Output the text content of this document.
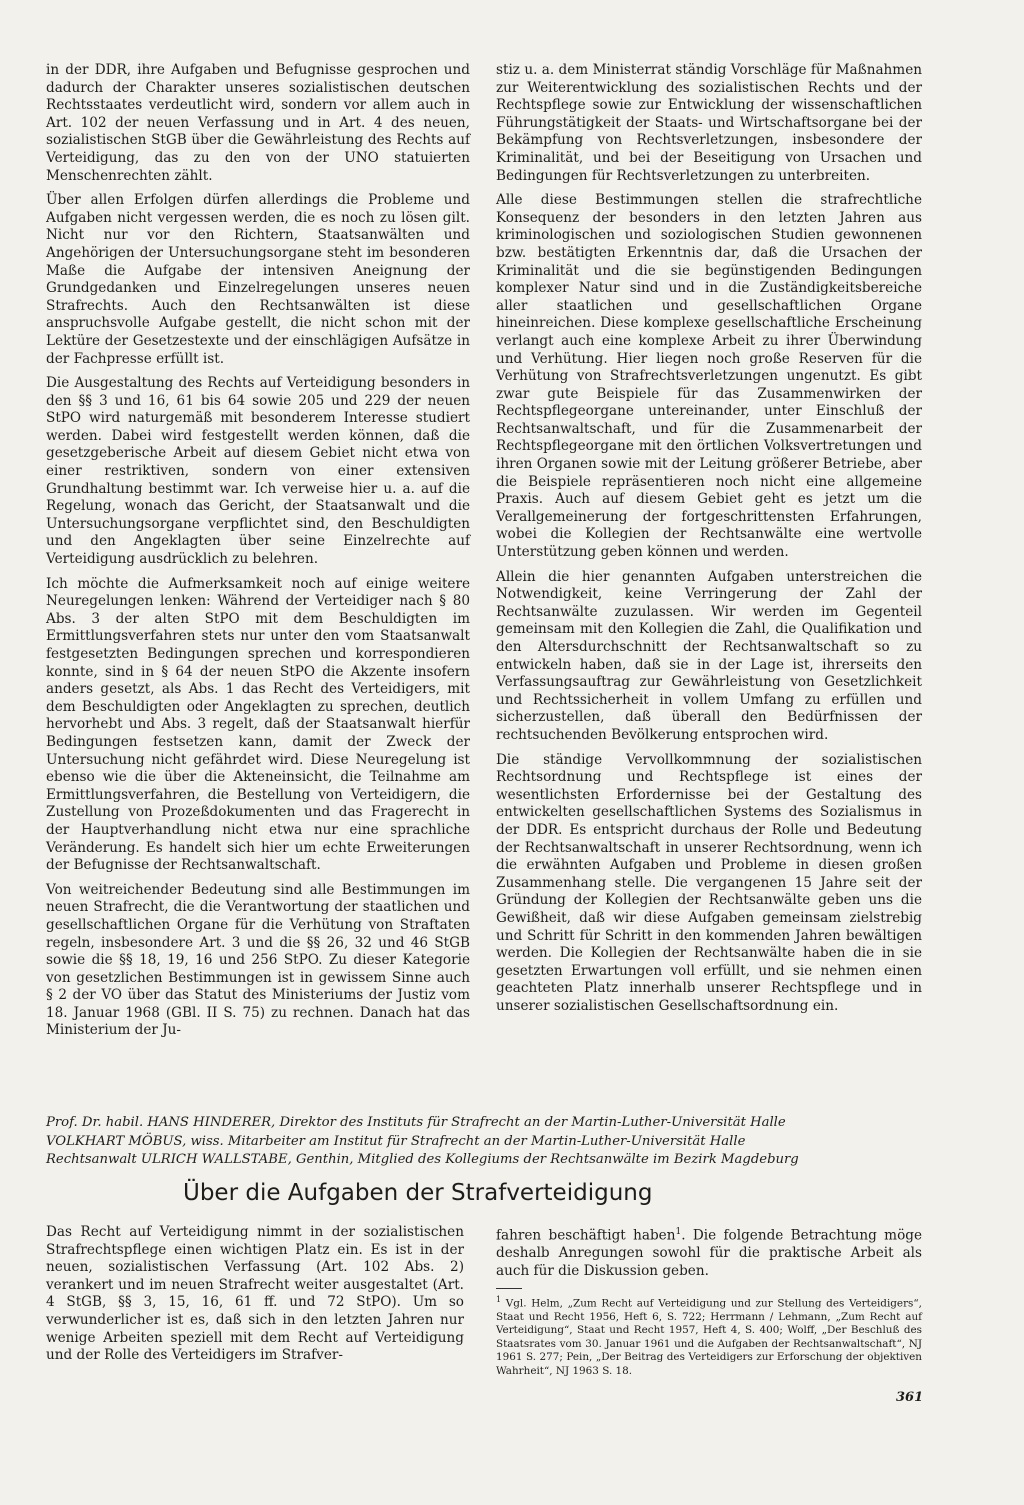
in der DDR, ihre Aufgaben und Befugnisse gesprochen und dadurch der Charakter unseres sozialistischen deutschen Rechtsstaates verdeutlicht wird, sondern vor allem auch in Art. 102 der neuen Verfassung und in Art. 4 des neuen, sozialistischen StGB über die Gewährleistung des Rechts auf Verteidigung, das zu den von der UNO statuierten Menschenrechten zählt.

Über allen Erfolgen dürfen allerdings die Probleme und Aufgaben nicht vergessen werden, die es noch zu lösen gilt. Nicht nur vor den Richtern, Staatsanwälten und Angehörigen der Untersuchungsorgane steht im besonderen Maße die Aufgabe der intensiven Aneignung der Grundgedanken und Einzelregelungen unseres neuen Strafrechts. Auch den Rechtsanwälten ist diese anspruchsvolle Aufgabe gestellt, die nicht schon mit der Lektüre der Gesetzestexte und der einschlägigen Aufsätze in der Fachpresse erfüllt ist.

Die Ausgestaltung des Rechts auf Verteidigung besonders in den §§ 3 und 16, 61 bis 64 sowie 205 und 229 der neuen StPO wird naturgemäß mit besonderem Interesse studiert werden. Dabei wird festgestellt werden können, daß die gesetzgeberische Arbeit auf diesem Gebiet nicht etwa von einer restriktiven, sondern von einer extensiven Grundhaltung bestimmt war. Ich verweise hier u. a. auf die Regelung, wonach das Gericht, der Staatsanwalt und die Untersuchungsorgane verpflichtet sind, den Beschuldigten und den Angeklagten über seine Einzelrechte auf Verteidigung ausdrücklich zu belehren.

Ich möchte die Aufmerksamkeit noch auf einige weitere Neuregelungen lenken: Während der Verteidiger nach § 80 Abs. 3 der alten StPO mit dem Beschuldigten im Ermittlungsverfahren stets nur unter den vom Staatsanwalt festgesetzten Bedingungen sprechen und korrespondieren konnte, sind in § 64 der neuen StPO die Akzente insofern anders gesetzt, als Abs. 1 das Recht des Verteidigers, mit dem Beschuldigten oder Angeklagten zu sprechen, deutlich hervorhebt und Abs. 3 regelt, daß der Staatsanwalt hierfür Bedingungen festsetzen kann, damit der Zweck der Untersuchung nicht gefährdet wird. Diese Neuregelung ist ebenso wie die über die Akteneinsicht, die Teilnahme am Ermittlungsverfahren, die Bestellung von Verteidigern, die Zustellung von Prozeßdokumenten und das Fragerecht in der Hauptverhandlung nicht etwa nur eine sprachliche Veränderung. Es handelt sich hier um echte Erweiterungen der Befugnisse der Rechtsanwaltschaft.

Von weitreichender Bedeutung sind alle Bestimmungen im neuen Strafrecht, die die Verantwortung der staatlichen und gesellschaftlichen Organe für die Verhütung von Straftaten regeln, insbesondere Art. 3 und die §§ 26, 32 und 46 StGB sowie die §§ 18, 19, 16 und 256 StPO. Zu dieser Kategorie von gesetzlichen Bestimmungen ist in gewissem Sinne auch § 2 der VO über das Statut des Ministeriums der Justiz vom 18. Januar 1968 (GBl. II S. 75) zu rechnen. Danach hat das Ministerium der Ju-

stiz u. a. dem Ministerrat ständig Vorschläge für Maßnahmen zur Weiterentwicklung des sozialistischen Rechts und der Rechtspflege sowie zur Entwicklung der wissenschaftlichen Führungstätigkeit der Staats- und Wirtschaftsorgane bei der Bekämpfung von Rechtsverletzungen, insbesondere der Kriminalität, und bei der Beseitigung von Ursachen und Bedingungen für Rechtsverletzungen zu unterbreiten.

Alle diese Bestimmungen stellen die strafrechtliche Konsequenz der besonders in den letzten Jahren aus kriminologischen und soziologischen Studien gewonnenen bzw. bestätigten Erkenntnis dar, daß die Ursachen der Kriminalität und die sie begünstigenden Bedingungen komplexer Natur sind und in die Zuständigkeitsbereiche aller staatlichen und gesellschaftlichen Organe hineinreichen. Diese komplexe gesellschaftliche Erscheinung verlangt auch eine komplexe Arbeit zu ihrer Überwindung und Verhütung. Hier liegen noch große Reserven für die Verhütung von Strafrechtsverletzungen ungenutzt. Es gibt zwar gute Beispiele für das Zusammenwirken der Rechtspflegeorgane untereinander, unter Einschluß der Rechtsanwaltschaft, und für die Zusammenarbeit der Rechtspflegeorgane mit den örtlichen Volksvertretungen und ihren Organen sowie mit der Leitung größerer Betriebe, aber die Beispiele repräsentieren noch nicht eine allgemeine Praxis. Auch auf diesem Gebiet geht es jetzt um die Verallgemeinerung der fortgeschrittensten Erfahrungen, wobei die Kollegien der Rechtsanwälte eine wertvolle Unterstützung geben können und werden.

Allein die hier genannten Aufgaben unterstreichen die Notwendigkeit, keine Verringerung der Zahl der Rechtsanwälte zuzulassen. Wir werden im Gegenteil gemeinsam mit den Kollegien die Zahl, die Qualifikation und den Altersdurchschnitt der Rechtsanwaltschaft so zu entwickeln haben, daß sie in der Lage ist, ihrerseits den Verfassungsauftrag zur Gewährleistung von Gesetzlichkeit und Rechtssicherheit in vollem Umfang zu erfüllen und sicherzustellen, daß überall den Bedürfnissen der rechtsuchenden Bevölkerung entsprochen wird.

Die ständige Vervollkommnung der sozialistischen Rechtsordnung und Rechtspflege ist eines der wesentlichsten Erfordernisse bei der Gestaltung des entwickelten gesellschaftlichen Systems des Sozialismus in der DDR. Es entspricht durchaus der Rolle und Bedeutung der Rechtsanwaltschaft in unserer Rechtsordnung, wenn ich die erwähnten Aufgaben und Probleme in diesen großen Zusammenhang stelle. Die vergangenen 15 Jahre seit der Gründung der Kollegien der Rechtsanwälte geben uns die Gewißheit, daß wir diese Aufgaben gemeinsam zielstrebig und Schritt für Schritt in den kommenden Jahren bewältigen werden. Die Kollegien der Rechtsanwälte haben die in sie gesetzten Erwartungen voll erfüllt, und sie nehmen einen geachteten Platz innerhalb unserer Rechtspflege und in unserer sozialistischen Gesellschaftsordnung ein.

Prof. Dr. habil. HANS HINDERER, Direktor des Instituts für Strafrecht an der Martin-Luther-Universität Halle
VOLKHART MÖBUS, wiss. Mitarbeiter am Institut für Strafrecht an der Martin-Luther-Universität Halle
Rechtsanwalt ULRICH WALLSTABE, Genthin, Mitglied des Kollegiums der Rechtsanwälte im Bezirk Magdeburg
Über die Aufgaben der Strafverteidigung

Das Recht auf Verteidigung nimmt in der sozialistischen Strafrechtspflege einen wichtigen Platz ein. Es ist in der neuen, sozialistischen Verfassung (Art. 102 Abs. 2) verankert und im neuen Strafrecht weiter ausgestaltet (Art. 4 StGB, §§ 3, 15, 16, 61 ff. und 72 StPO). Um so verwunderlicher ist es, daß sich in den letzten Jahren nur wenige Arbeiten speziell mit dem Recht auf Verteidigung und der Rolle des Verteidigers im Strafver-

fahren beschäftigt haben$^1$. Die folgende Betrachtung möge deshalb Anregungen sowohl für die praktische Arbeit als auch für die Diskussion geben.

$^1$ Vgl. Helm, „Zum Recht auf Verteidigung und zur Stellung des Verteidigers“, Staat und Recht 1956, Heft 6, S. 722; Herrmann / Lehmann, „Zum Recht auf Verteidigung“, Staat und Recht 1957, Heft 4, S. 400; Wolff, „Der Beschluß des Staatsrates vom 30. Januar 1961 und die Aufgaben der Rechtsanwaltschaft“, NJ 1961 S. 277; Pein, „Der Beitrag des Verteidigers zur Erforschung der objektiven Wahrheit“, NJ 1963 S. 18.
361
